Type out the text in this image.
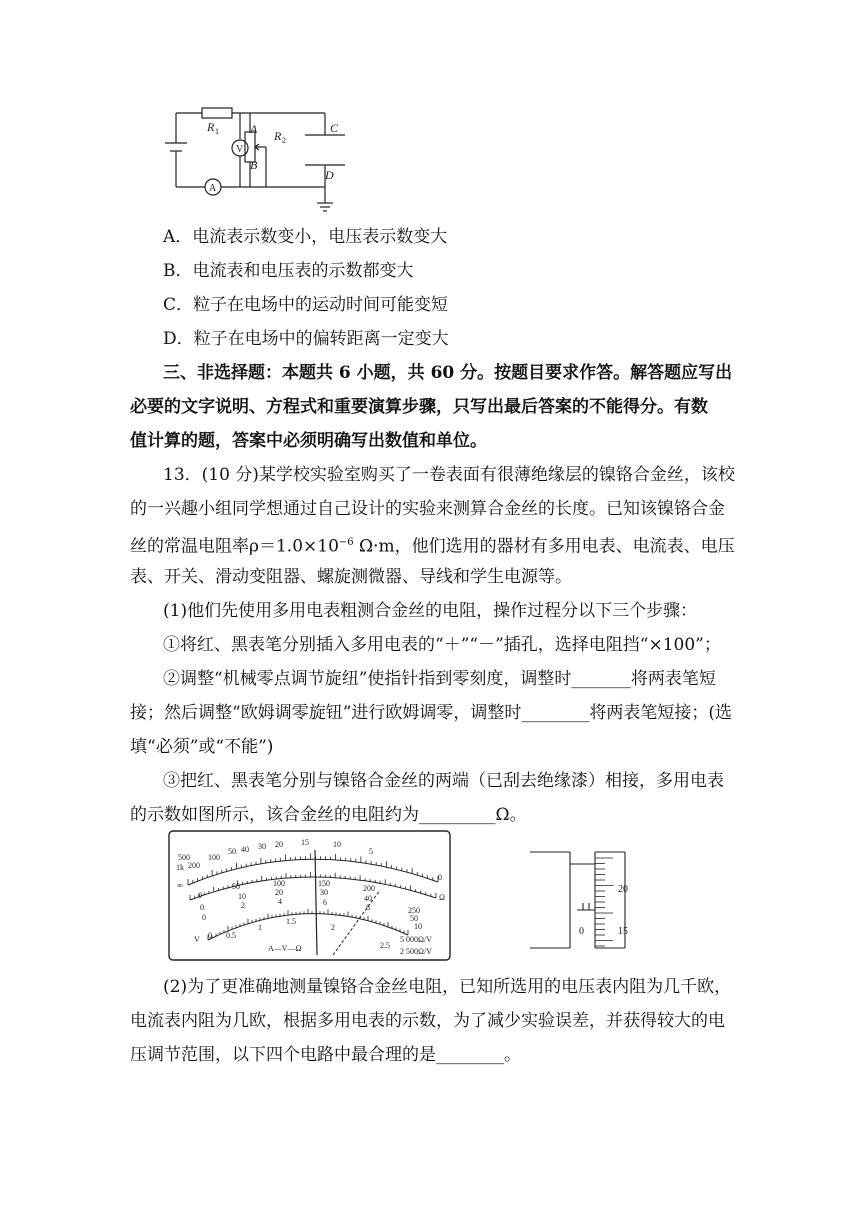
R 1	A
B
R 2
C
D
V
A
A．电流表示数变小，电压表示数变大
B．电流表和电压表的示数都变大
C．粒子在电场中的运动时间可能变短
D．粒子在电场中的偏转距离一定变大
三、非选择题：本题共 6 小题，共 60 分。按题目要求作答。解答题应写出
必要的文字说明、方程式和重要演算步骤，只写出最后答案的不能得分。有数
值计算的题，答案中必须明确写出数值和单位。
13．(10 分)某学校实验室购买了一卷表面有很薄绝缘层的镍铬合金丝，该校
的一兴趣小组同学想通过自己设计的实验来测算合金丝的长度。已知该镍铬合金
丝的常温电阻率$\rho=1.0\times 10^{-6}$ Ω·m，他们选用的器材有多用电表、电流表、电压
表、开关、滑动变阻器、螺旋测微器、导线和学生电源等。
(1)他们先使用多用电表粗测合金丝的电阻，操作过程分以下三个步骤：
①将红、黑表笔分别插入多用电表的“＋”“－”插孔，选择电阻挡“×100”；
②调整“机械零点调节旋纽”使指针指到零刻度，调整时_______将两表笔短
接；然后调整“欧姆调零旋钮”进行欧姆调零，调整时________将两表笔短接；(选
填“必须”或“不能”)
③把红、黑表笔分别与镍铬合金丝的两端（已刮去绝缘漆）相接，多用电表
的示数如图所示，该合金丝的电阻约为_________Ω。
500
1k 200
100
50 40 30 20 15	10
5
0
Ω
∞
0
50	100	150
200
250
0
10	20	30
40
50
0
2	4	6
8
10
0 0.5
1
1.5
2
2.5
V
A—V—Ω
5 000Ω/V
2 500Ω/V
20
15
0
(2)为了更准确地测量镍铬合金丝电阻，已知所选用的电压表内阻为几千欧，
电流表内阻为几欧，根据多用电表的示数，为了减少实验误差，并获得较大的电
压调节范围，以下四个电路中最合理的是________。
